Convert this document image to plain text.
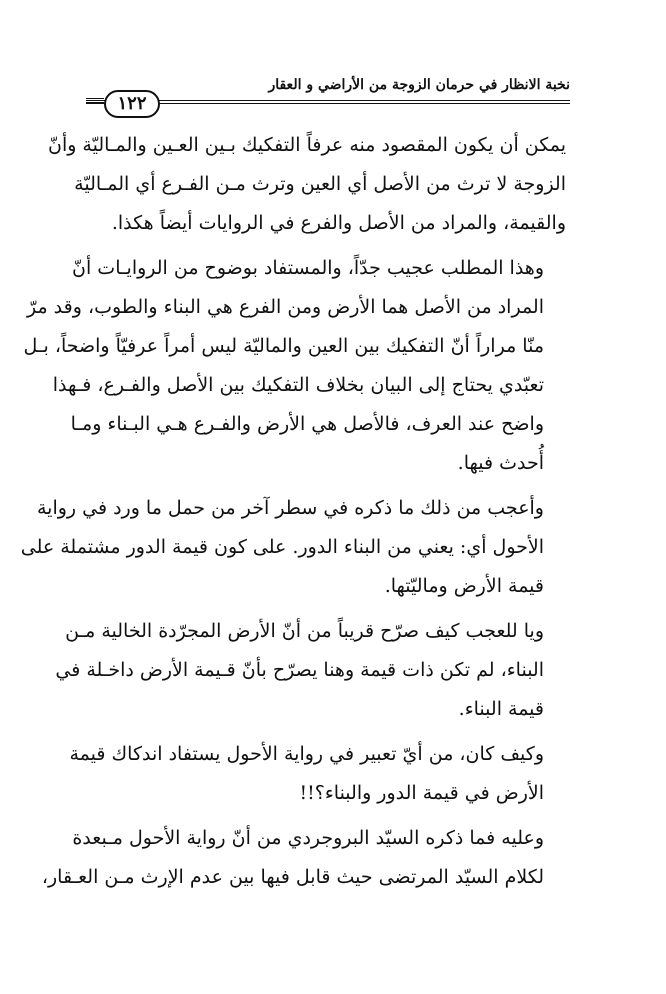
نخبة الانظار في حرمان الزوجة من الأراضي و العقار
١٢٢

يمكن أن يكون المقصود منه عرفاً التفكيك بـين العـين والمـاليّة وأنّ
الزوجة لا ترث من الأصل أي العين وترث مـن الفـرع أي المـاليّة
والقيمة، والمراد من الأصل والفرع في الروايات أيضاً هكذا.

وهذا المطلب عجيب جدّاً، والمستفاد بوضوح من الروايـات أنّ
المراد من الأصل هما الأرض ومن الفرع هي البناء والطوب، وقد مرّ
منّا مراراً أنّ التفكيك بين العين والماليّة ليس أمراً عرفيّاً واضحاً، بـل
تعبّدي يحتاج إلى البيان بخلاف التفكيك بين الأصل والفـرع، فـهذا
واضح عند العرف، فالأصل هي الأرض والفـرع هـي البـناء ومـا
أُحدث فيها.

وأعجب من ذلك ما ذكره في سطر آخر من حمل ما ورد في رواية
الأحول أي: يعني من البناء الدور. على كون قيمة الدور مشتملة على
قيمة الأرض وماليّتها.

ويا للعجب كيف صرّح قريباً من أنّ الأرض المجرّدة الخالية مـن
البناء، لم تكن ذات قيمة وهنا يصرّح بأنّ قـيمة الأرض داخـلة في
قيمة البناء.

وكيف كان، من أيّ تعبير في رواية الأحول يستفاد اندكاك قيمة
الأرض في قيمة الدور والبناء؟!!

وعليه فما ذكره السيّد البروجردي من أنّ رواية الأحول مـبعدة
لكلام السيّد المرتضى حيث قابل فيها بين عدم الإرث مـن العـقار،
